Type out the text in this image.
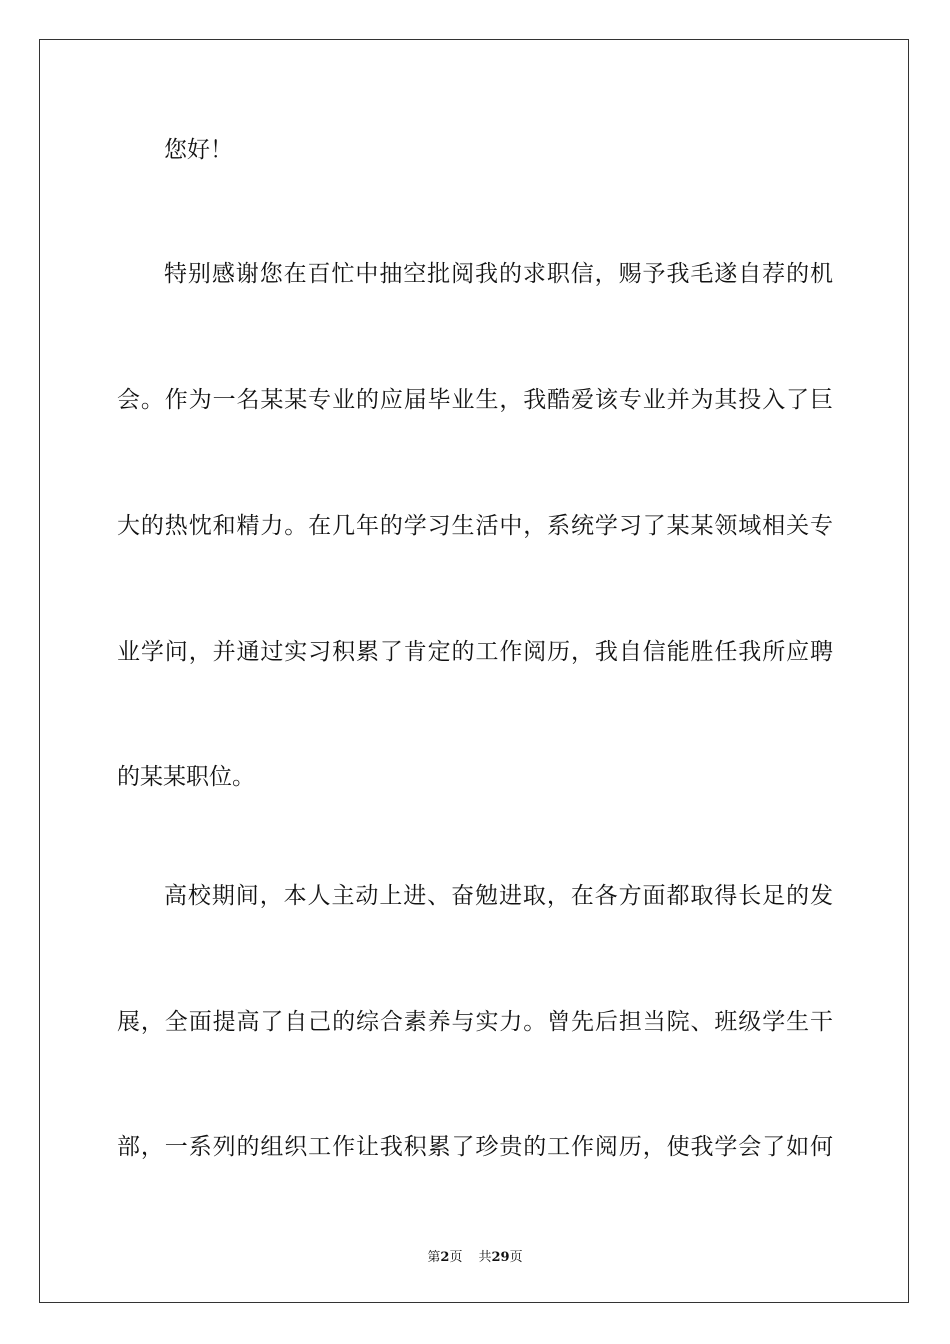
您好！
特别感谢您在百忙中抽空批阅我的求职信，赐予我毛遂自荐的机
会。作为一名某某专业的应届毕业生，我酷爱该专业并为其投入了巨
大的热忱和精力。在几年的学习生活中，系统学习了某某领域相关专
业学问，并通过实习积累了肯定的工作阅历，我自信能胜任我所应聘
的某某职位。
高校期间，本人主动上进、奋勉进取，在各方面都取得长足的发
展，全面提高了自己的综合素养与实力。曾先后担当院、班级学生干
部，一系列的组织工作让我积累了珍贵的工作阅历，使我学会了如何
第2页 共29页
